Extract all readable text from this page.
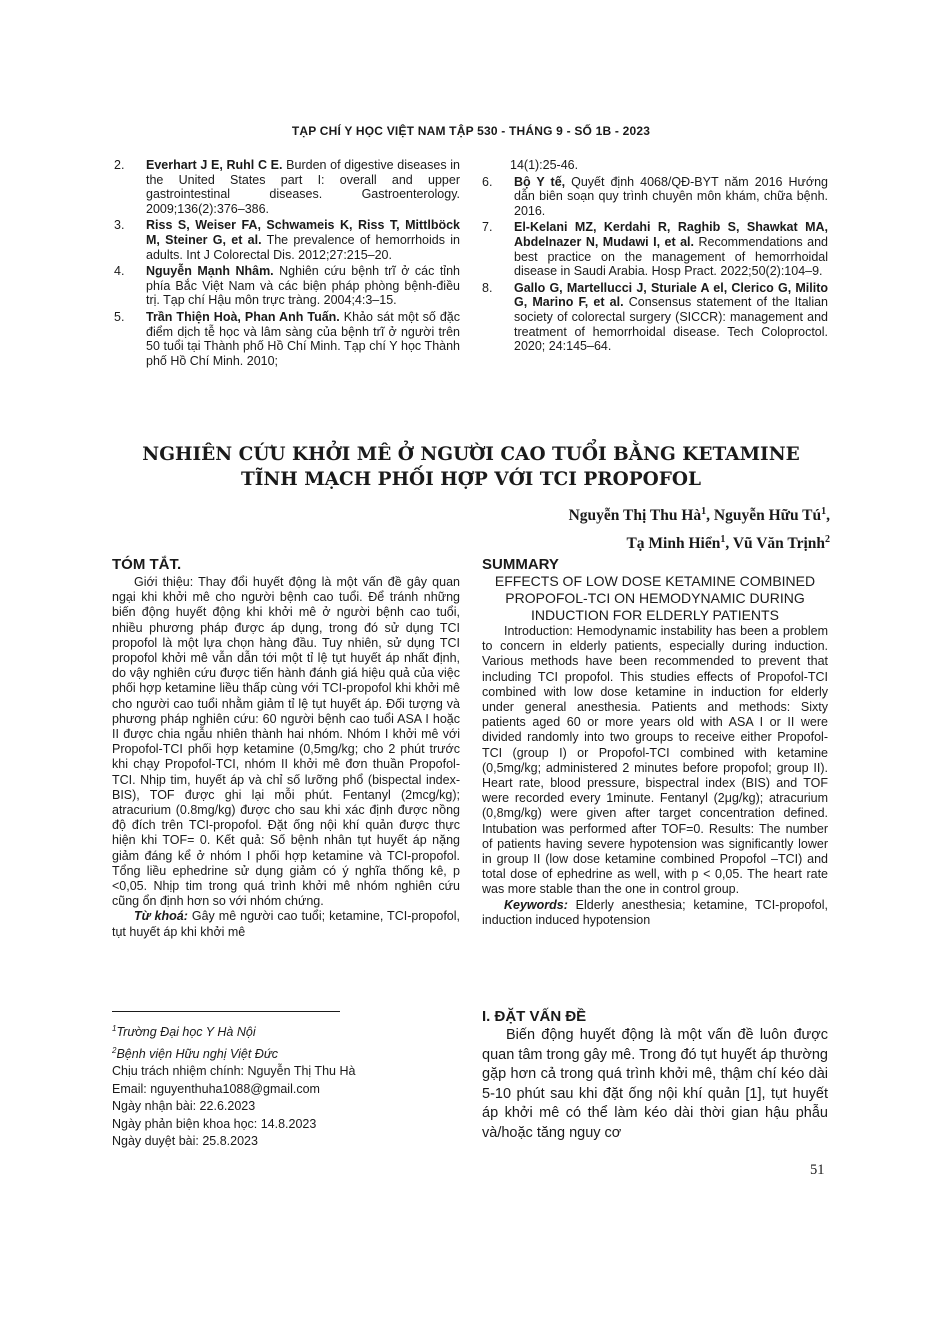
TẠP CHÍ Y HỌC VIỆT NAM TẬP 530 - THÁNG 9 - SỐ 1B - 2023
2.	Everhart J E, Ruhl C E. Burden of digestive diseases in the United States part I: overall and upper gastrointestinal diseases. Gastroenterology. 2009;136(2):376–386.
3.	Riss S, Weiser FA, Schwameis K, Riss T, Mittlböck M, Steiner G, et al. The prevalence of hemorrhoids in adults. Int J Colorectal Dis. 2012;27:215–20.
4.	Nguyễn Mạnh Nhâm. Nghiên cứu bệnh trĩ ở các tỉnh phía Bắc Việt Nam và các biện pháp phòng bệnh-điều trị. Tạp chí Hậu môn trực tràng. 2004;4:3–15.
5.	Trần Thiện Hoà, Phan Anh Tuấn. Khảo sát một số đặc điểm dịch tễ học và lâm sàng của bệnh trĩ ở người trên 50 tuổi tại Thành phố Hồ Chí Minh. Tạp chí Y học Thành phố Hồ Chí Minh. 2010;
14(1):25-46.
6.	Bộ Y tế, Quyết định 4068/QĐ-BYT năm 2016 Hướng dẫn biên soạn quy trình chuyên môn khám, chữa bệnh. 2016.
7.	El-Kelani MZ, Kerdahi R, Raghib S, Shawkat MA, Abdelnazer N, Mudawi I, et al. Recommendations and best practice on the management of hemorrhoidal disease in Saudi Arabia. Hosp Pract. 2022;50(2):104–9.
8.	Gallo G, Martellucci J, Sturiale A el, Clerico G, Milito G, Marino F, et al. Consensus statement of the Italian society of colorectal surgery (SICCR): management and treatment of hemorrhoidal disease. Tech Coloproctol. 2020; 24:145–64.
NGHIÊN CỨU KHỞI MÊ Ở NGƯỜI CAO TUỔI BẰNG KETAMINE
TĨNH MẠCH PHỐI HỢP VỚI TCI PROPOFOL
Nguyễn Thị Thu $Hà^1$, Nguyễn Hữu $Tú^1$,
Tạ Minh Hiển$^1$, Vũ Văn Trịnh$^2$
TÓM TẮT.

Giới thiệu: Thay đổi huyết động là một vấn đề gây quan ngại khi khởi mê cho người bệnh cao tuổi. Để tránh những biến động huyết động khi khởi mê ở người bệnh cao tuổi, nhiều phương pháp được áp dụng, trong đó sử dụng TCI propofol là một lựa chọn hàng đầu. Tuy nhiên, sử dụng TCI propofol khởi mê vẫn dẫn tới một tỉ lệ tụt huyết áp nhất định, do vậy nghiên cứu được tiến hành đánh giá hiệu quả của việc phối hợp ketamine liều thấp cùng với TCI-propofol khi khởi mê cho người cao tuổi nhằm giảm tỉ lệ tụt huyết áp. Đối tượng và phương pháp nghiên cứu: 60 người bệnh cao tuổi ASA I hoặc II được chia ngẫu nhiên thành hai nhóm. Nhóm I khởi mê với Propofol-TCI phối hợp ketamine (0,5mg/kg; cho 2 phút trước khi chạy Propofol-TCI, nhóm II khởi mê đơn thuần Propofol-TCI. Nhịp tim, huyết áp và chỉ số lưỡng phổ (bispectal index- BIS), TOF được ghi lại mỗi phút. Fentanyl (2mcg/kg); atracurium (0.8mg/kg) được cho sau khi xác định được nồng độ đích trên TCI-propofol. Đặt ống nội khí quản được thực hiện khi TOF= 0. Kết quả: Số bệnh nhân tụt huyết áp nặng giảm đáng kể ở nhóm I phối hợp ketamine và TCI-propofol. Tổng liều ephedrine sử dụng giảm có ý nghĩa thống kê, p <0,05. Nhịp tim trong quá trình khởi mê nhóm nghiên cứu cũng ổn định hơn so với nhóm chứng.

Từ khoá: Gây mê người cao tuổi; ketamine, TCI-propofol, tụt huyết áp khi khởi mê

$^1$Trường Đại học Y Hà Nội
$^2$Bệnh viện Hữu nghị Việt Đức
Chịu trách nhiệm chính: Nguyễn Thị Thu Hà
Email: nguyenthuha1088@gmail.com
Ngày nhận bài: 22.6.2023
Ngày phản biện khoa học: 14.8.2023
Ngày duyệt bài: 25.8.2023
SUMMARY
EFFECTS OF LOW DOSE KETAMINE COMBINED PROPOFOL-TCI ON HEMODYNAMIC DURING INDUCTION FOR ELDERLY PATIENTS

Introduction: Hemodynamic instability has been a problem to concern in elderly patients, especially during induction. Various methods have been recommended to prevent that including TCI propofol. This studies effects of Propofol-TCI combined with low dose ketamine in induction for elderly under general anesthesia. Patients and methods: Sixty patients aged 60 or more years old with ASA I or II were divided randomly into two groups to receive either Propofol-TCI (group I) or Propofol-TCI combined with ketamine (0,5mg/kg; administered 2 minutes before propofol; group II). Heart rate, blood pressure, bispectral index (BIS) and TOF were recorded every 1minute. Fentanyl (2μg/kg); atracurium (0,8mg/kg) were given after target concentration defined. Intubation was performed after TOF=0. Results: The number of patients having severe hypotension was significantly lower in group II (low dose ketamine combined Propofol –TCI) and total dose of ephedrine as well, with p < 0,05. The heart rate was more stable than the one in control group.

Keywords: Elderly anesthesia; ketamine, TCI-propofol, induction induced hypotension

I. ĐẶT VẤN ĐỀ

Biến động huyết động là một vấn đề luôn được quan tâm trong gây mê. Trong đó tụt huyết áp thường gặp hơn cả trong quá trình khởi mê, thậm chí kéo dài 5-10 phút sau khi đặt ống nội khí quản [1], tụt huyết áp khởi mê có thể làm kéo dài thời gian hậu phẫu và/hoặc tăng nguy cơ

51
